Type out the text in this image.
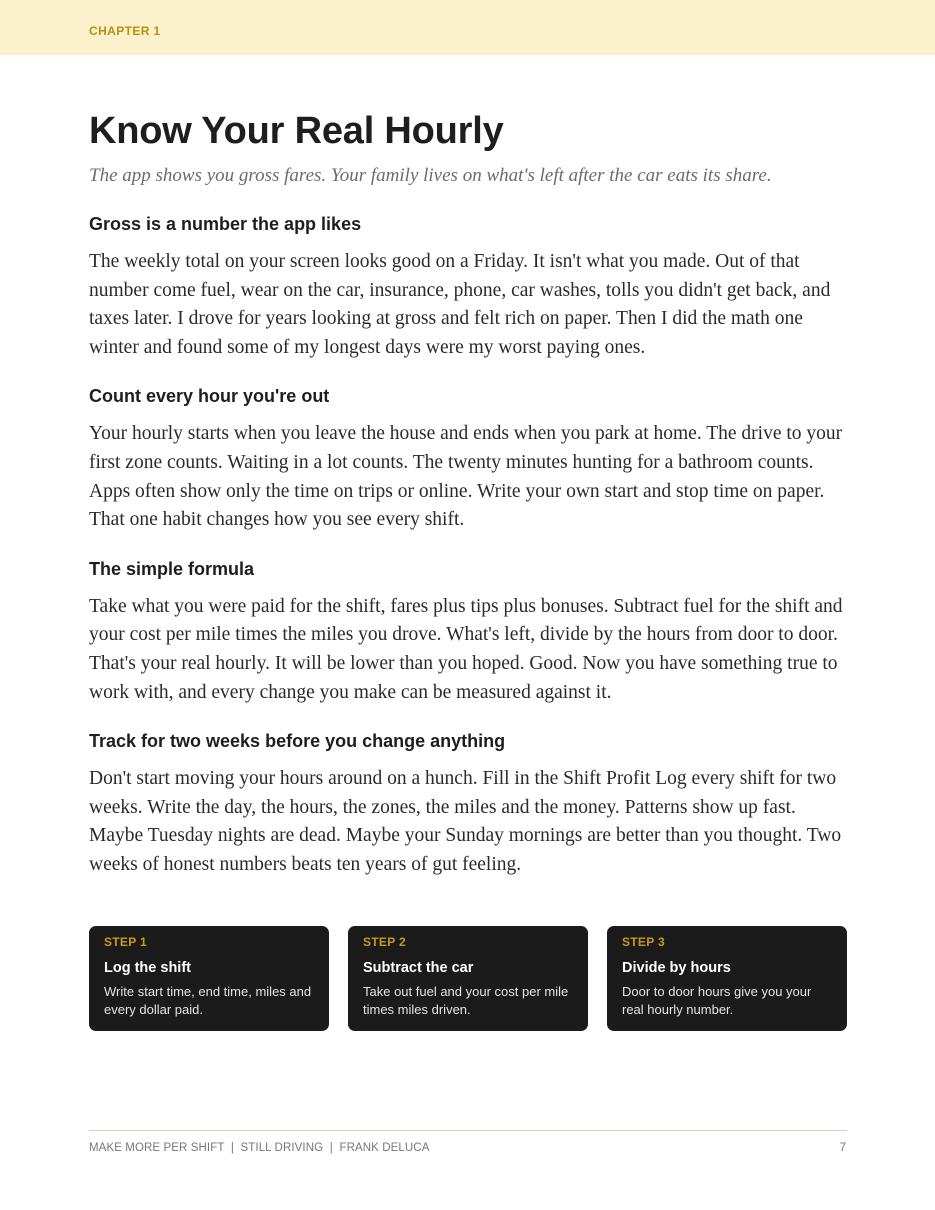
CHAPTER 1
Know Your Real Hourly

The app shows you gross fares. Your family lives on what's left after the car eats its share.

Gross is a number the app likes

The weekly total on your screen looks good on a Friday. It isn't what you made. Out of that number come fuel, wear on the car, insurance, phone, car washes, tolls you didn't get back, and taxes later. I drove for years looking at gross and felt rich on paper. Then I did the math one winter and found some of my longest days were my worst paying ones.

Count every hour you're out

Your hourly starts when you leave the house and ends when you park at home. The drive to your first zone counts. Waiting in a lot counts. The twenty minutes hunting for a bathroom counts. Apps often show only the time on trips or online. Write your own start and stop time on paper. That one habit changes how you see every shift.

The simple formula

Take what you were paid for the shift, fares plus tips plus bonuses. Subtract fuel for the shift and your cost per mile times the miles you drove. What's left, divide by the hours from door to door. That's your real hourly. It will be lower than you hoped. Good. Now you have something true to work with, and every change you make can be measured against it.

Track for two weeks before you change anything

Don't start moving your hours around on a hunch. Fill in the Shift Profit Log every shift for two weeks. Write the day, the hours, the zones, the miles and the money. Patterns show up fast. Maybe Tuesday nights are dead. Maybe your Sunday mornings are better than you thought. Two weeks of honest numbers beats ten years of gut feeling.

STEP 1
Log the shift
Write start time, end time, miles and every dollar paid.
STEP 2
Subtract the car
Take out fuel and your cost per mile times miles driven.
STEP 3
Divide by hours
Door to door hours give you your real hourly number.
MAKE MORE PER SHIFT  |  STILL DRIVING  |  FRANK DELUCA	7
